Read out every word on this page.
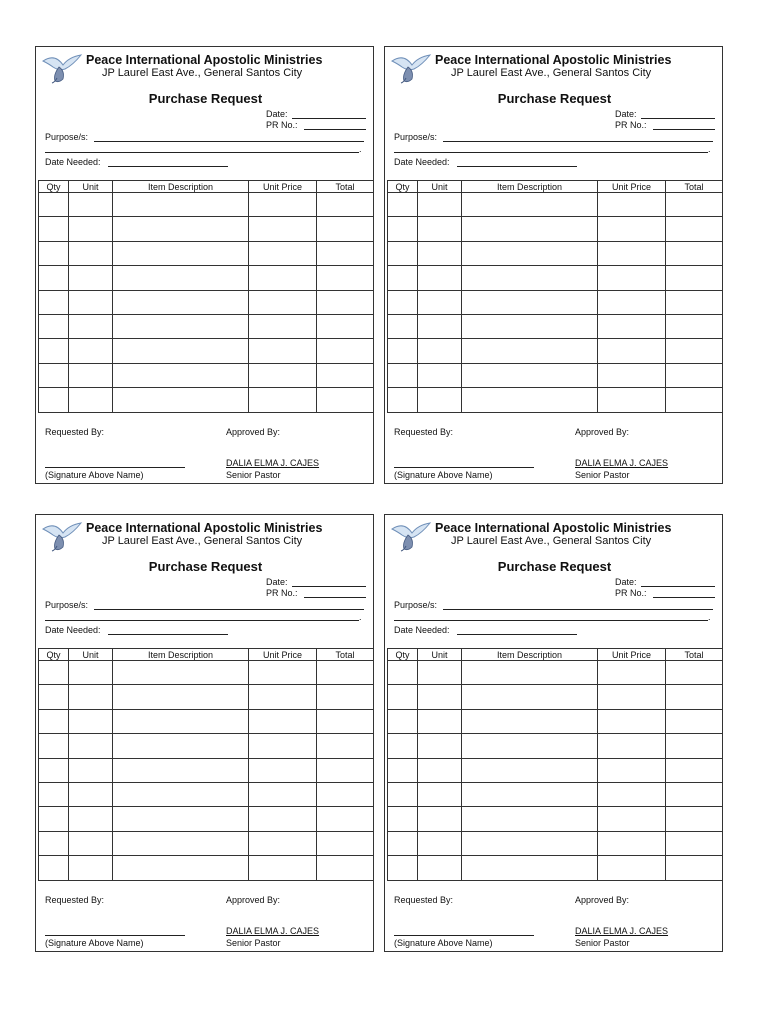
Peace International Apostolic Ministries
JP Laurel East Ave., General Santos City
Purchase Request
Date:
PR No.:
Purpose/s:
.
Date Needed:
Qty	Unit	Item Description	Unit Price	Total

Requested By:	Approved By:
(Signature Above Name)
DALIA ELMA J. CAJES
Senior Pastor
Peace International Apostolic Ministries
JP Laurel East Ave., General Santos City
Purchase Request
Date:
PR No.:
Purpose/s:
.
Date Needed:
Qty	Unit	Item Description	Unit Price	Total

Requested By:	Approved By:
(Signature Above Name)
DALIA ELMA J. CAJES
Senior Pastor
Peace International Apostolic Ministries
JP Laurel East Ave., General Santos City
Purchase Request
Date:
PR No.:
Purpose/s:
.
Date Needed:
Qty	Unit	Item Description	Unit Price	Total

Requested By:	Approved By:
(Signature Above Name)
DALIA ELMA J. CAJES
Senior Pastor
Peace International Apostolic Ministries
JP Laurel East Ave., General Santos City
Purchase Request
Date:
PR No.:
Purpose/s:
.
Date Needed:
Qty	Unit	Item Description	Unit Price	Total

Requested By:	Approved By:
(Signature Above Name)
DALIA ELMA J. CAJES
Senior Pastor
